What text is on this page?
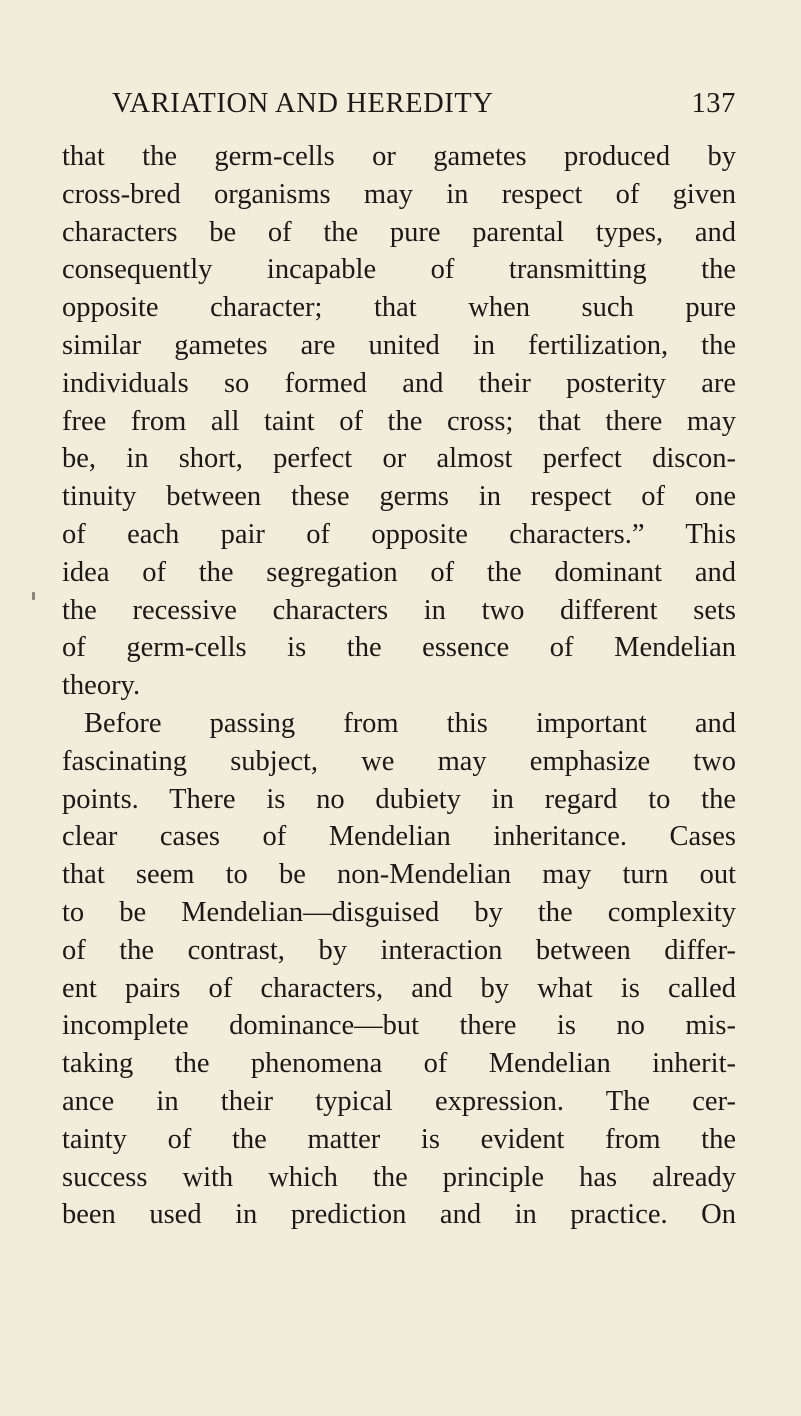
VARIATION AND HEREDITY	137
that the germ-cells or gametes produced by
cross-bred organisms may in respect of given
characters be of the pure parental types, and
consequently incapable of transmitting the
opposite character; that when such pure
similar gametes are united in fertilization, the
individuals so formed and their posterity are
free from all taint of the cross; that there may
be, in short, perfect or almost perfect discon-
tinuity between these germs in respect of one
of each pair of opposite characters.” This
idea of the segregation of the dominant and
the recessive characters in two different sets
of germ-cells is the essence of Mendelian
theory.
Before passing from this important and
fascinating subject, we may emphasize two
points. There is no dubiety in regard to the
clear cases of Mendelian inheritance. Cases
that seem to be non-Mendelian may turn out
to be Mendelian—disguised by the complexity
of the contrast, by interaction between differ-
ent pairs of characters, and by what is called
incomplete dominance—but there is no mis-
taking the phenomena of Mendelian inherit-
ance in their typical expression. The cer-
tainty of the matter is evident from the
success with which the principle has already
been used in prediction and in practice. On
